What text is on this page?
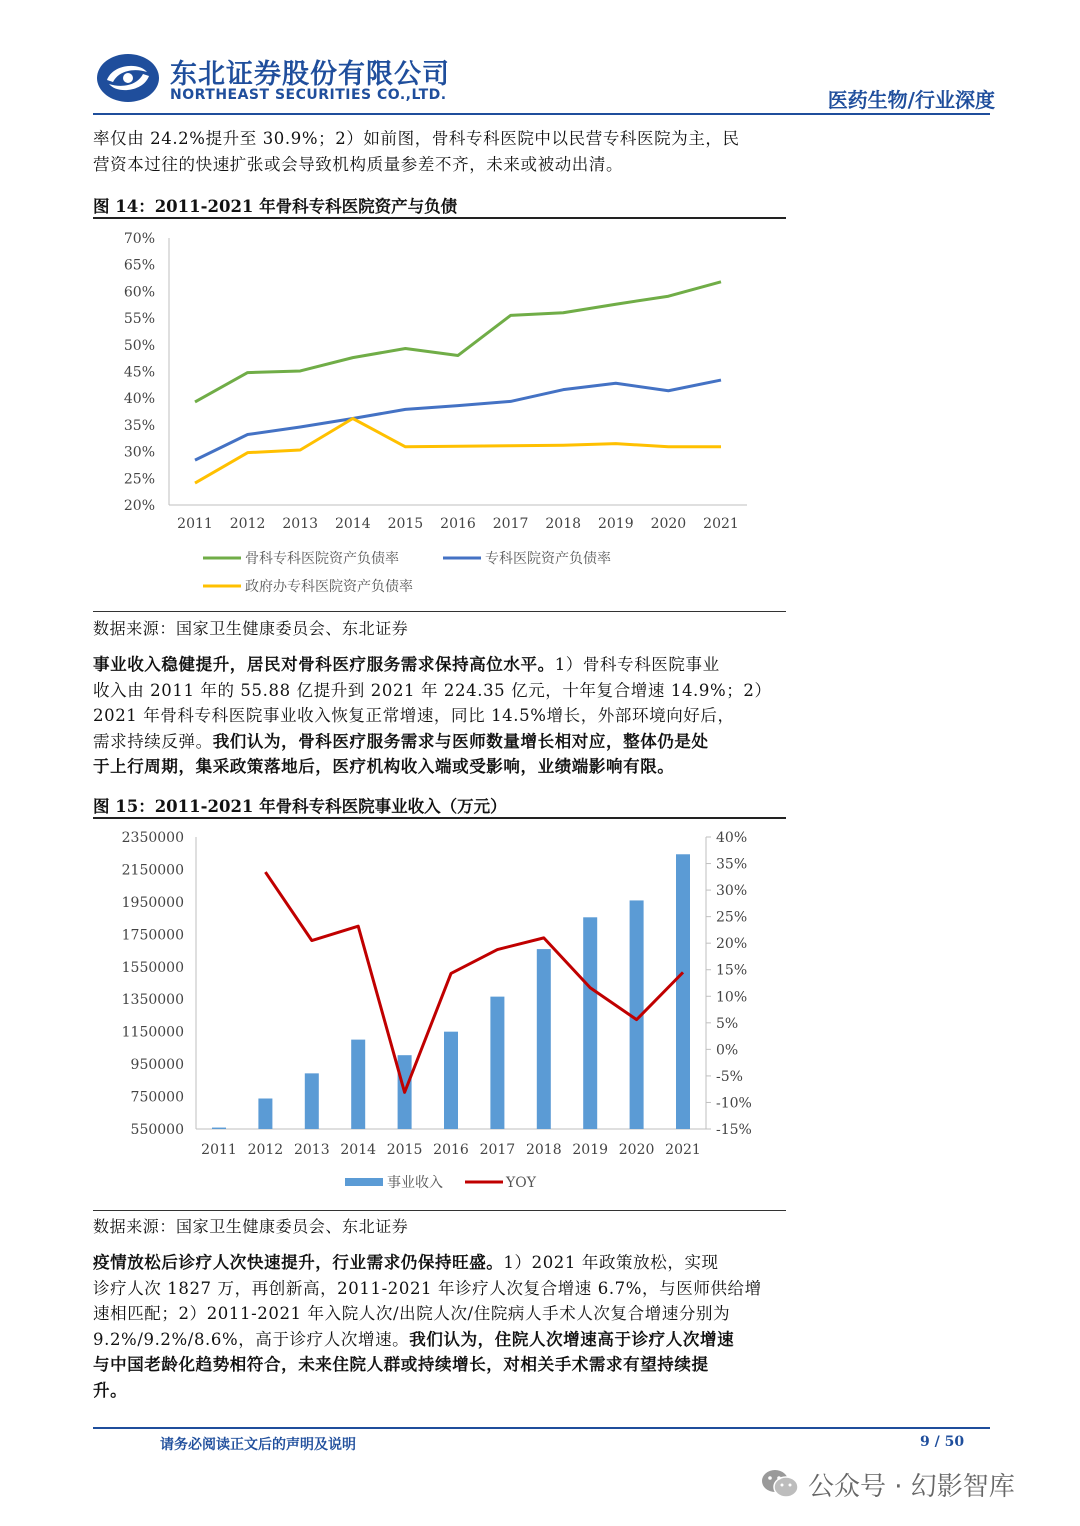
东北证券股份有限公司
NORTHEAST SECURITIES CO.,LTD.	医药生物/行业深度
率仅由 24.2%提升至 30.9%；2）如前图，骨科专科医院中以民营专科医院为主，民
营资本过往的快速扩张或会导致机构质量参差不齐，未来或被动出清。
图 14：2011-2021 年骨科专科医院资产与负债
20%
25%
30%
35%
40%
45%
50%
55%
60%
65%
70%
2011 2012 2013 2014 2015 2016 2017 2018 2019 2020 2021
骨科专科医院资产负债率	专科医院资产负债率
政府办专科医院资产负债率
数据来源：国家卫生健康委员会、东北证券
事业收入稳健提升，居民对骨科医疗服务需求保持高位水平。1）骨科专科医院事业
收入由 2011 年的 55.88 亿提升到 2021 年 224.35 亿元，十年复合增速 14.9%；2）
2021 年骨科专科医院事业收入恢复正常增速，同比 14.5%增长，外部环境向好后，
需求持续反弹。我们认为，骨科医疗服务需求与医师数量增长相对应，整体仍是处
于上行周期，集采政策落地后，医疗机构收入端或受影响，业绩端影响有限。
图 15：2011-2021 年骨科专科医院事业收入（万元）
550000
750000
950000
1150000
1350000
1550000
1750000
1950000
2150000
2350000
-15%
-10%
-5%
0%
5%
10%
15%
20%
25%
30%
35%
40%
2011 2012 2013 2014 2015 2016 2017 2018 2019 2020 2021
事业收入	YOY
数据来源：国家卫生健康委员会、东北证券
疫情放松后诊疗人次快速提升，行业需求仍保持旺盛。1）2021 年政策放松，实现
诊疗人次 1827 万，再创新高，2011-2021 年诊疗人次复合增速 6.7%，与医师供给增
速相匹配；2）2011-2021 年入院人次/出院人次/住院病人手术人次复合增速分别为
9.2%/9.2%/8.6%，高于诊疗人次增速。我们认为，住院人次增速高于诊疗人次增速
与中国老龄化趋势相符合，未来住院人群或持续增长，对相关手术需求有望持续提
升。
请务必阅读正文后的声明及说明	9 / 50
公众号 · 幻影智库
